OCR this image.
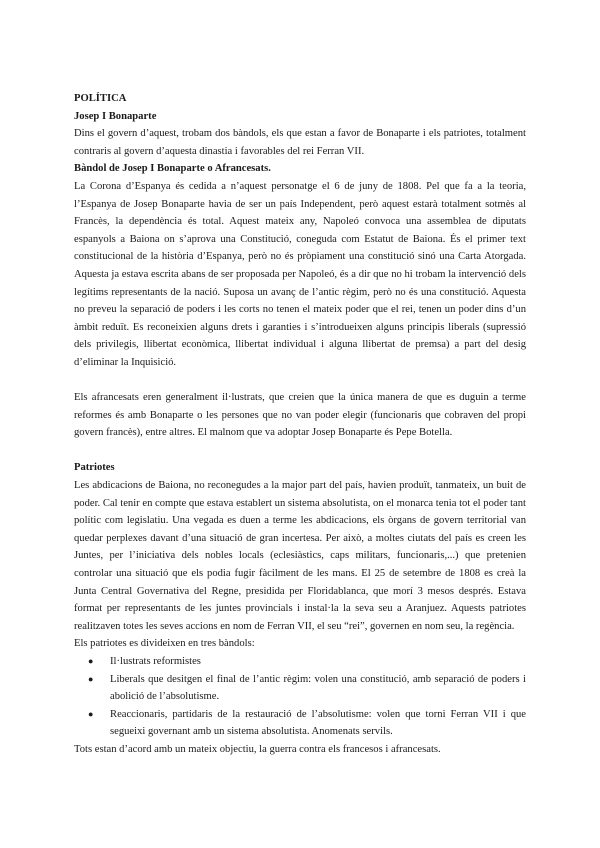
POLÍTICA
Josep I Bonaparte

Dins el govern d’aquest, trobam dos bàndols, els que estan a favor de Bonaparte i els patriotes, totalment contraris al govern d’aquesta dinastia i favorables del rei Ferran VII.

Bàndol de Josep I Bonaparte o Afrancesats.

La Corona d’Espanya és cedida a n’aquest personatge el 6 de juny de 1808. Pel que fa a la teoria, l’Espanya de Josep Bonaparte havia de ser un país Independent, però aquest estarà totalment sotmès al Francès, la dependència és total. Aquest mateix any, Napoleó convoca una assemblea de diputats espanyols a Baiona on s’aprova una Constitució, coneguda com Estatut de Baiona. És el primer text constitucional de la història d’Espanya, però no és pròpiament una constitució sinó una Carta Atorgada. Aquesta ja estava escrita abans de ser proposada per Napoleó, és a dir que no hi trobam la intervenció dels legítims representants de la nació. Suposa un avanç de l’antic règim, però no és una constitució. Aquesta no preveu la separació de poders i les corts no tenen el mateix poder que el rei, tenen un poder dins d’un àmbit reduït. Es reconeixien alguns drets i garanties i s’introdueixen alguns principis liberals (supressió dels privilegis, llibertat econòmica, llibertat individual i alguna llibertat de premsa) a part del desig d’eliminar la Inquisició.

Els afrancesats eren generalment il·lustrats, que creien que la única manera de que es duguin a terme reformes és amb Bonaparte o les persones que no van poder elegir (funcionaris que cobraven del propi govern francès), entre altres. El malnom que va adoptar Josep Bonaparte és Pepe Botella.

Patriotes

Les abdicacions de Baiona, no reconegudes a la major part del país, havien produït, tanmateix, un buit de poder. Cal tenir en compte que estava establert un sistema absolutista, on el monarca tenia tot el poder tant polític com legislatiu. Una vegada es duen a terme les abdicacions, els òrgans de govern territorial van quedar perplexes davant d’una situació de gran incertesa. Per això, a moltes ciutats del país es creen les Juntes, per l’iniciativa dels nobles locals (eclesiàstics, caps militars, funcionaris,...) que pretenien controlar una situació que els podia fugir fàcilment de les mans. El 25 de setembre de 1808 es creà la Junta Central Governativa del Regne, presidida per Floridablanca, que morí 3 mesos després. Estava format per representants de les juntes provincials i instal·la la seva seu a Aranjuez. Aquests patriotes realitzaven totes les seves accions en nom de Ferran VII, el seu “rei”, governen en nom seu, la regència.

Els patriotes es divideixen en tres bàndols:

● Il·lustrats reformistes
● Liberals que desitgen el final de l’antic règim: volen una constitució, amb separació de poders i abolició de l’absolutisme.
● Reaccionaris, partidaris de la restauració de l’absolutisme: volen que torni Ferran VII i que segueixi governant amb un sistema absolutista. Anomenats servils.

Tots estan d’acord amb un mateix objectiu, la guerra contra els francesos i afrancesats.
